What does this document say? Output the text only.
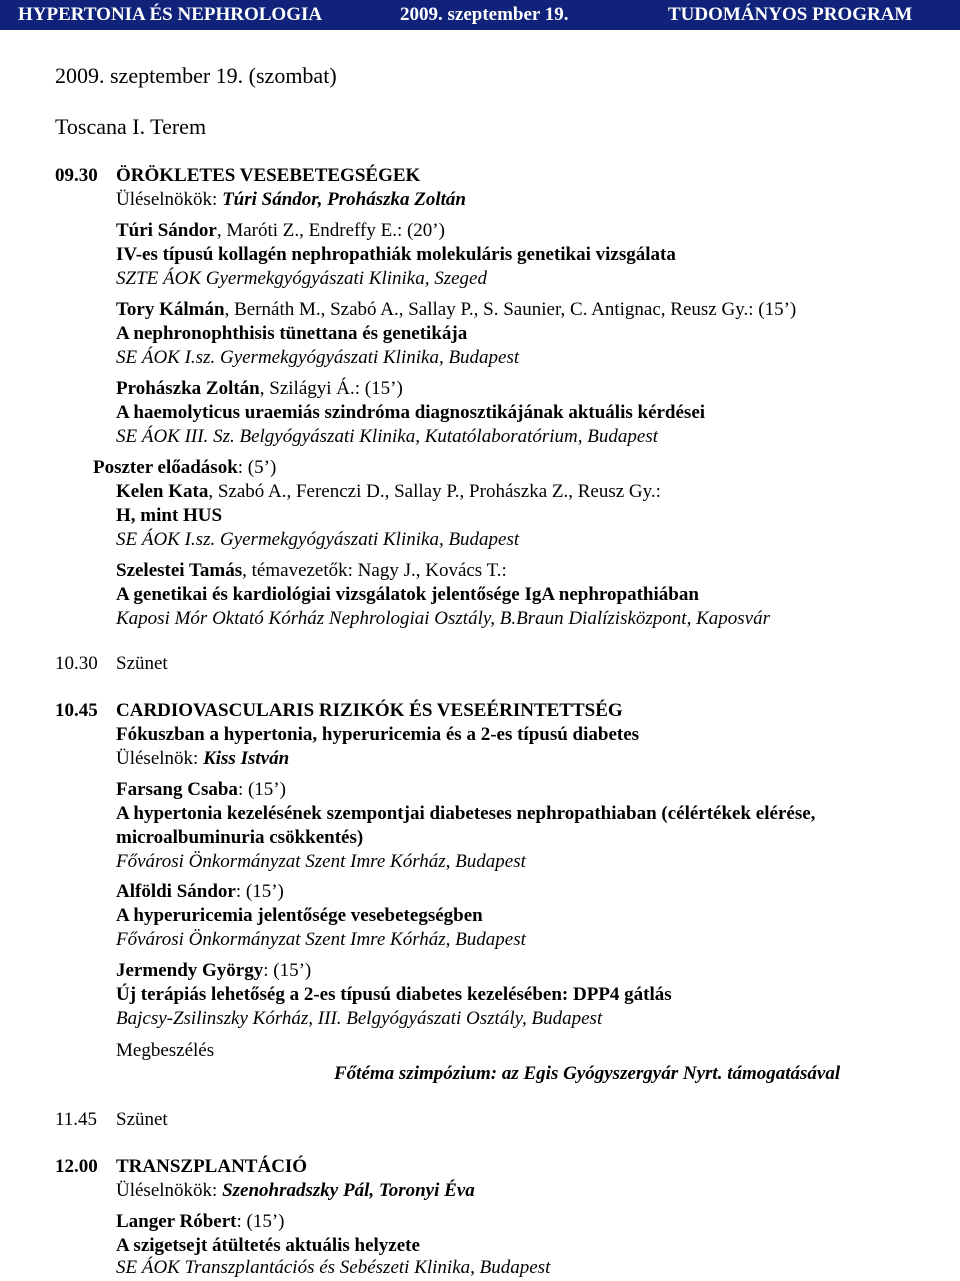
HYPERTONIA ÉS NEPHROLOGIA	2009. szeptember 19.	TUDOMÁNYOS PROGRAM
2009. szeptember 19. (szombat)
Toscana I. Terem
09.30 ÖRÖKLETES VESEBETEGSÉGEK
Üléselnökök: Túri Sándor, Prohászka Zoltán
Túri Sándor, Maróti Z., Endreffy E.: (20’)
IV-es típusú kollagén nephropathiák molekuláris genetikai vizsgálata
SZTE ÁOK Gyermekgyógyászati Klinika, Szeged
Tory Kálmán, Bernáth M., Szabó A., Sallay P., S. Saunier, C. Antignac, Reusz Gy.: (15’)
A nephronophthisis tünettana és genetikája
SE ÁOK I.sz. Gyermekgyógyászati Klinika, Budapest
Prohászka Zoltán, Szilágyi Á.: (15’)
A haemolyticus uraemiás szindróma diagnosztikájának aktuális kérdései
SE ÁOK III. Sz. Belgyógyászati Klinika, Kutatólaboratórium, Budapest
Poszter előadások: (5’)
Kelen Kata, Szabó A., Ferenczi D., Sallay P., Prohászka Z., Reusz Gy.:
H, mint HUS
SE ÁOK I.sz. Gyermekgyógyászati Klinika, Budapest
Szelestei Tamás, témavezetők: Nagy J., Kovács T.:
A genetikai és kardiológiai vizsgálatok jelentősége IgA nephropathiában
Kaposi Mór Oktató Kórház Nephrologiai Osztály, B.Braun Dialízisközpont, Kaposvár
10.30 Szünet
10.45 CARDIOVASCULARIS RIZIKÓK ÉS VESEÉRINTETTSÉG
Fókuszban a hypertonia, hyperuricemia és a 2-es típusú diabetes
Üléselnök: Kiss István
Farsang Csaba: (15’)
A hypertonia kezelésének szempontjai diabeteses nephropathiaban (célértékek elérése,
microalbuminuria csökkentés)
Fővárosi Önkormányzat Szent Imre Kórház, Budapest
Alföldi Sándor: (15’)
A hyperuricemia jelentősége vesebetegségben
Fővárosi Önkormányzat Szent Imre Kórház, Budapest
Jermendy György: (15’)
Új terápiás lehetőség a 2-es típusú diabetes kezelésében: DPP4 gátlás
Bajcsy-Zsilinszky Kórház, III. Belgyógyászati Osztály, Budapest
Megbeszélés
Főtéma szimpózium: az Egis Gyógyszergyár Nyrt. támogatásával
11.45 Szünet
12.00 TRANSZPLANTÁCIÓ
Üléselnökök: Szenohradszky Pál, Toronyi Éva
Langer Róbert: (15’)
A szigetsejt átültetés aktuális helyzete
SE ÁOK Transzplantációs és Sebészeti Klinika, Budapest
